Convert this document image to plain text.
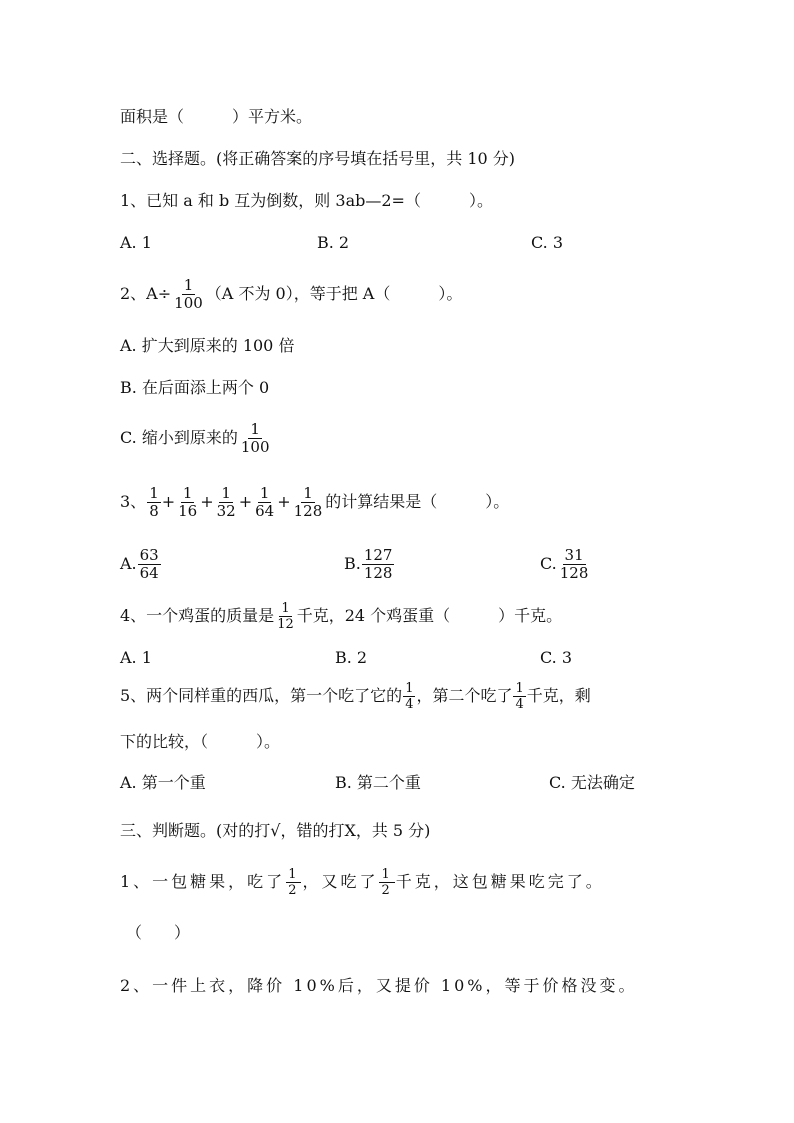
面积是（　　　）平方米。
二、选择题。(将正确答案的序号填在括号里，共 10 分)
1、已知 a 和 b 互为倒数，则 3ab—2=（　　　）。
A. 1	B. 2	C. 3
2、$A\div \frac{1}{100} (A$ 不为 0），等于把 A（　　　）。
A. 扩大到原来的 100 倍
B. 在后面添上两个 0
C. 缩小到原来的 $\frac{1}{100}$
3、 $\frac{1}{8} + \frac{1}{16} + \frac{1}{32} + \frac{1}{64} + \frac{1}{128}$ 的计算结果是（　　　）。
A. $\frac{63}{64}$	B. $\frac{127}{128}$	C. $\frac{31}{128}$
4、一个鸡蛋的质量是 $\frac{1}{12}$ 千克，24 个鸡蛋重（　　　）千克。
A. 1	B. 2	C. 3
5、两个同样重的西瓜，第一个吃了它的 $\frac{1}{4}$ ，第二个吃了 $\frac{1}{4}$ 千克，剩
下的比较，（　　　）。
A. 第一个重	B. 第二个重	C. 无法确定
三、判断题。(对的打√，错的打X，共 5 分)
1、一包糖果，吃了 $\frac{1}{2}$ ，又吃了 $\frac{1}{2}$ 千克，这包糖果吃完了。
（　　）
2、一件上衣，降价 10%后，又提价 10%，等于价格没变。
